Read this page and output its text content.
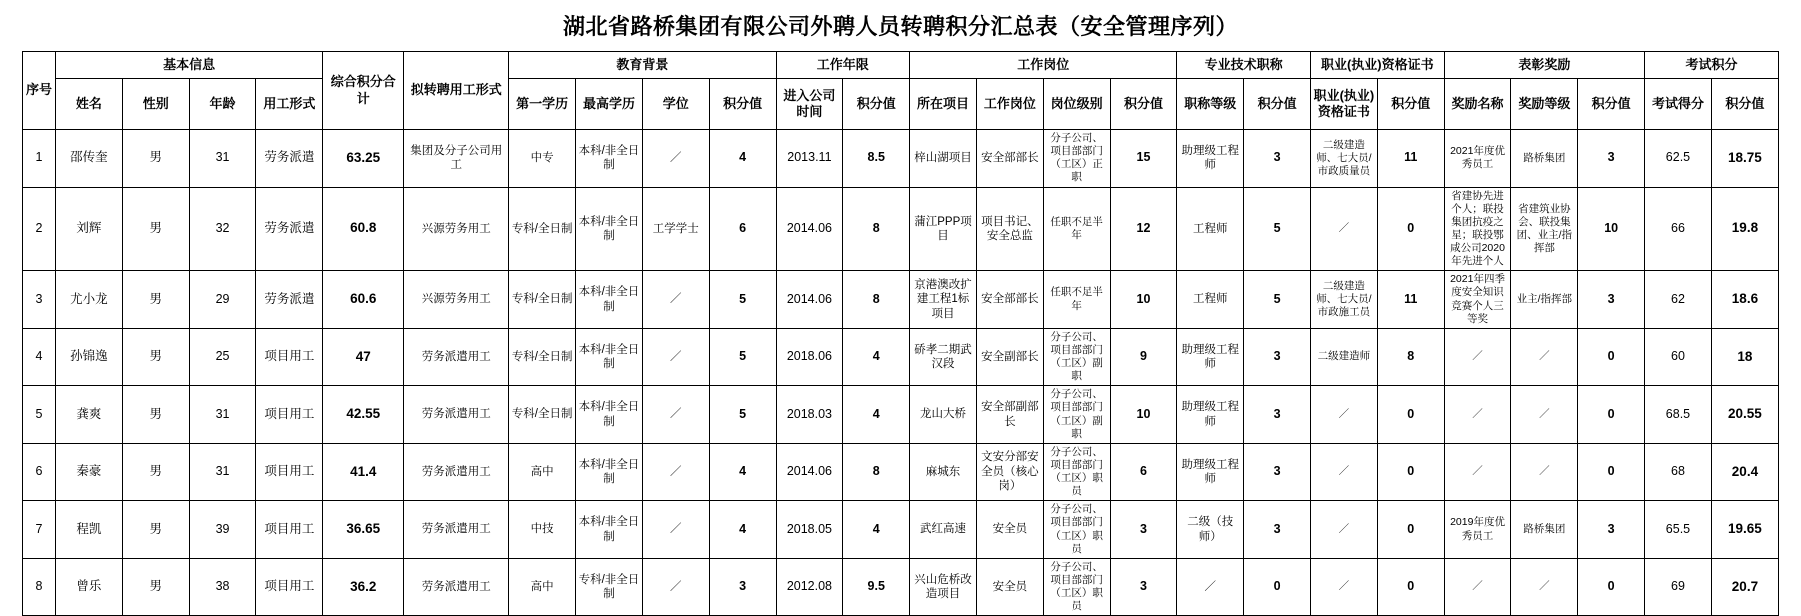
湖北省路桥集团有限公司外聘人员转聘积分汇总表（安全管理序列）
序号	基本信息				综合积分合计	拟转聘用工形式	教育背景				工作年限		工作岗位				专业技术职称		职业(执业)资格证书		表彰奖励			考试积分	
	姓名	性别	年龄	用工形式			第一学历	最高学历	学位	积分值	进入公司时间	积分值	所在项目	工作岗位	岗位级别	积分值	职称等级	积分值	职业(执业)资格证书	积分值	奖励名称	奖励等级	积分值	考试得分	积分值
1	邵传奎	男	31	劳务派遣	63.25	集团及分子公司用工	中专	本科/非全日制	／	4	2013.11	8.5	梓山湖项目	安全部部长	分子公司、项目部部门（工区）正职	15	助理级工程师	3	二级建造师、七大员/市政质量员	11	2021年度优秀员工	路桥集团	3	62.5	18.75
2	刘辉	男	32	劳务派遣	60.8	兴源劳务用工	专科/全日制	本科/非全日制	工学学士	6	2014.06	8	蒲江PPP项目	项目书记、安全总监	任职不足半年	12	工程师	5	／	0	省建协先进个人；联投集团抗疫之星；联投鄂咸公司2020年先进个人	省建筑业协会、联投集团、业主/指挥部	10	66	19.8
3	尤小龙	男	29	劳务派遣	60.6	兴源劳务用工	专科/全日制	本科/非全日制	／	5	2014.06	8	京港澳改扩建工程1标项目	安全部部长	任职不足半年	10	工程师	5	二级建造师、七大员/市政施工员	11	2021年四季度安全知识竞赛个人三等奖	业主/指挥部	3	62	18.6
4	孙锦逸	男	25	项目用工	47	劳务派遣用工	专科/全日制	本科/非全日制	／	5	2018.06	4	硚孝二期武汉段	安全副部长	分子公司、项目部部门（工区）副职	9	助理级工程师	3	二级建造师	8	／	／	0	60	18
5	龚爽	男	31	项目用工	42.55	劳务派遣用工	专科/全日制	本科/非全日制	／	5	2018.03	4	龙山大桥	安全部副部长	分子公司、项目部部门（工区）副职	10	助理级工程师	3	／	0	／	／	0	68.5	20.55
6	秦豪	男	31	项目用工	41.4	劳务派遣用工	高中	本科/非全日制	／	4	2014.06	8	麻城东	文安分部安全员（核心岗）	分子公司、项目部部门（工区）职员	6	助理级工程师	3	／	0	／	／	0	68	20.4
7	程凯	男	39	项目用工	36.65	劳务派遣用工	中技	本科/非全日制	／	4	2018.05	4	武红高速	安全员	分子公司、项目部部门（工区）职员	3	二级（技师）	3	／	0	2019年度优秀员工	路桥集团	3	65.5	19.65
8	曾乐	男	38	项目用工	36.2	劳务派遣用工	高中	专科/非全日制	／	3	2012.08	9.5	兴山危桥改造项目	安全员	分子公司、项目部部门（工区）职员	3	／	0	／	0	／	／	0	69	20.7
